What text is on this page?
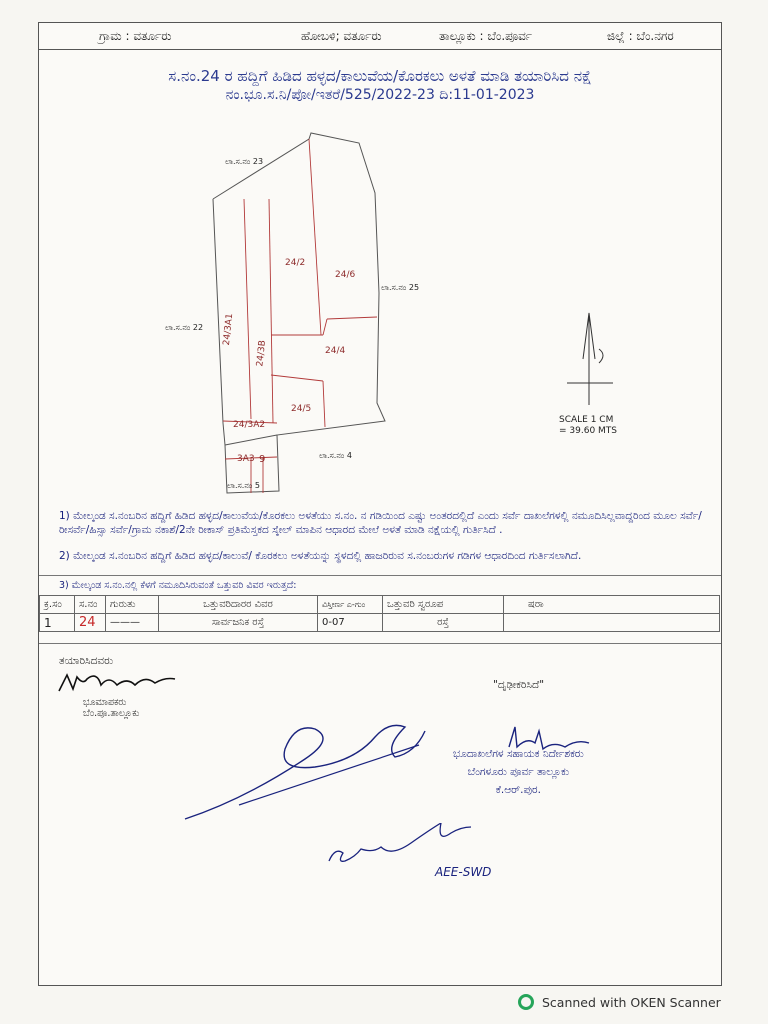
ಗ್ರಾಮ : ವರ್ತೂರು	ಹೋಬಳಿ; ವರ್ತೂರು	ತಾಲ್ಲೂಕು : ಬೆಂ.ಪೂರ್ವ	ಜಿಲ್ಲೆ : ಬೆಂ.ನಗರ
ಸ.ನಂ.24 ರ ಹದ್ದಿಗೆ ಹಿಡಿದ ಹಳ್ಳದ/ಕಾಲುವೆಯ/ಕೊರಕಲು ಅಳತೆ ಮಾಡಿ ತಯಾರಿಸಿದ ನಕ್ಷೆ
ನಂ.ಭೂ.ಸ.ನಿ/ಪೋ/ಇತರೆ/525/2022-23 ದಿ:11-01-2023
ಲಾ.ಸ.ನಂ 23
ಲಾ.ಸ.ನಂ 22
ಲಾ.ಸ.ನಂ 25
ಲಾ.ಸ.ನಂ 4
ಲಾ.ಸ.ನಂ 5
24/2
24/6
24/3A1
24/3B	24/4
24/5
24/3A2
3A3 9
SCALE 1 CM
= 39.60 MTS
1) ಮೇಲ್ಕಂಡ ಸ.ನಂಬರಿನ ಹದ್ದಿಗೆ ಹಿಡಿದ ಹಳ್ಳದ/ಕಾಲುವೆಯ/ಕೊರಕಲು ಅಳತೆಯು ಸ.ನಂ. ನ ಗಡಿಯಿಂದ ಎಷ್ಟು ಅಂತರದಲ್ಲಿದೆ ಎಂದು ಸರ್ವೆ ದಾಖಲೆಗಳಲ್ಲಿ ನಮೂದಿಸಿಲ್ಲವಾದ್ದರಿಂದ ಮೂಲ ಸರ್ವೆ/ರೀಸರ್ವೆ/ಹಿಸ್ಸಾ ಸರ್ವೆ/ಗ್ರಾಮ ನಕಾಶೆ/2ನೇ ರೀಕಾಸ್ ಪ್ರತಿಮೆಸ್ತಕದ ಸ್ಕೇಲ್ ಮಾಪಿನ ಆಧಾರದ ಮೇಲೆ ಅಳತೆ ಮಾಡಿ ನಕ್ಷೆಯಲ್ಲಿ ಗುರ್ತಿಸಿದೆ .
2) ಮೇಲ್ಕಂಡ ಸ.ನಂಬರಿನ ಹದ್ದಿಗೆ ಹಿಡಿದ ಹಳ್ಳದ/ಕಾಲುವೆ/ ಕೊರಕಲು ಅಳತೆಯನ್ನು ಸ್ಥಳದಲ್ಲಿ ಹಾಜರಿರುವ ಸ.ನಂಬರುಗಳ ಗಡಿಗಳ ಆಧಾರದಿಂದ ಗುರ್ತಿಸಲಾಗಿದೆ.
3) ಮೇಲ್ಕಂಡ ಸ.ನಂ.ನಲ್ಲಿ ಕೆಳಗೆ ನಮೂದಿಸಿರುವಂತೆ ಒತ್ತುವರಿ ವಿವರ ಇರುತ್ತದೆ:
ಕ್ರ.ಸಂ	ಸ.ನಂ	ಗುರುತು	ಒತ್ತುವರಿದಾರರ ವಿವರ	ವಿಸ್ತೀರ್ಣ ಎ-ಗುಂ	ಒತ್ತುವರಿ ಸ್ವರೂಪ	ಷರಾ
1	24	———	ಸಾರ್ವಜನಿಕ ರಸ್ತೆ	0-07	ರಸ್ತೆ	
ತಯಾರಿಸಿದವರು
ಭೂಮಾಪಕರು
ಬೆಂ.ಪೂ.ತಾಲ್ಲೂಕು
"ದೃಢೀಕರಿಸಿದೆ"
ಭೂದಾಖಲೆಗಳ ಸಹಾಯಕ ನಿರ್ದೇಶಕರು
ಬೆಂಗಳೂರು ಪೂರ್ವ ತಾಲ್ಲೂಕು
ಕೆ.ಆರ್.ಪುರ.
AEE-SWD
Scanned with OKEN Scanner
